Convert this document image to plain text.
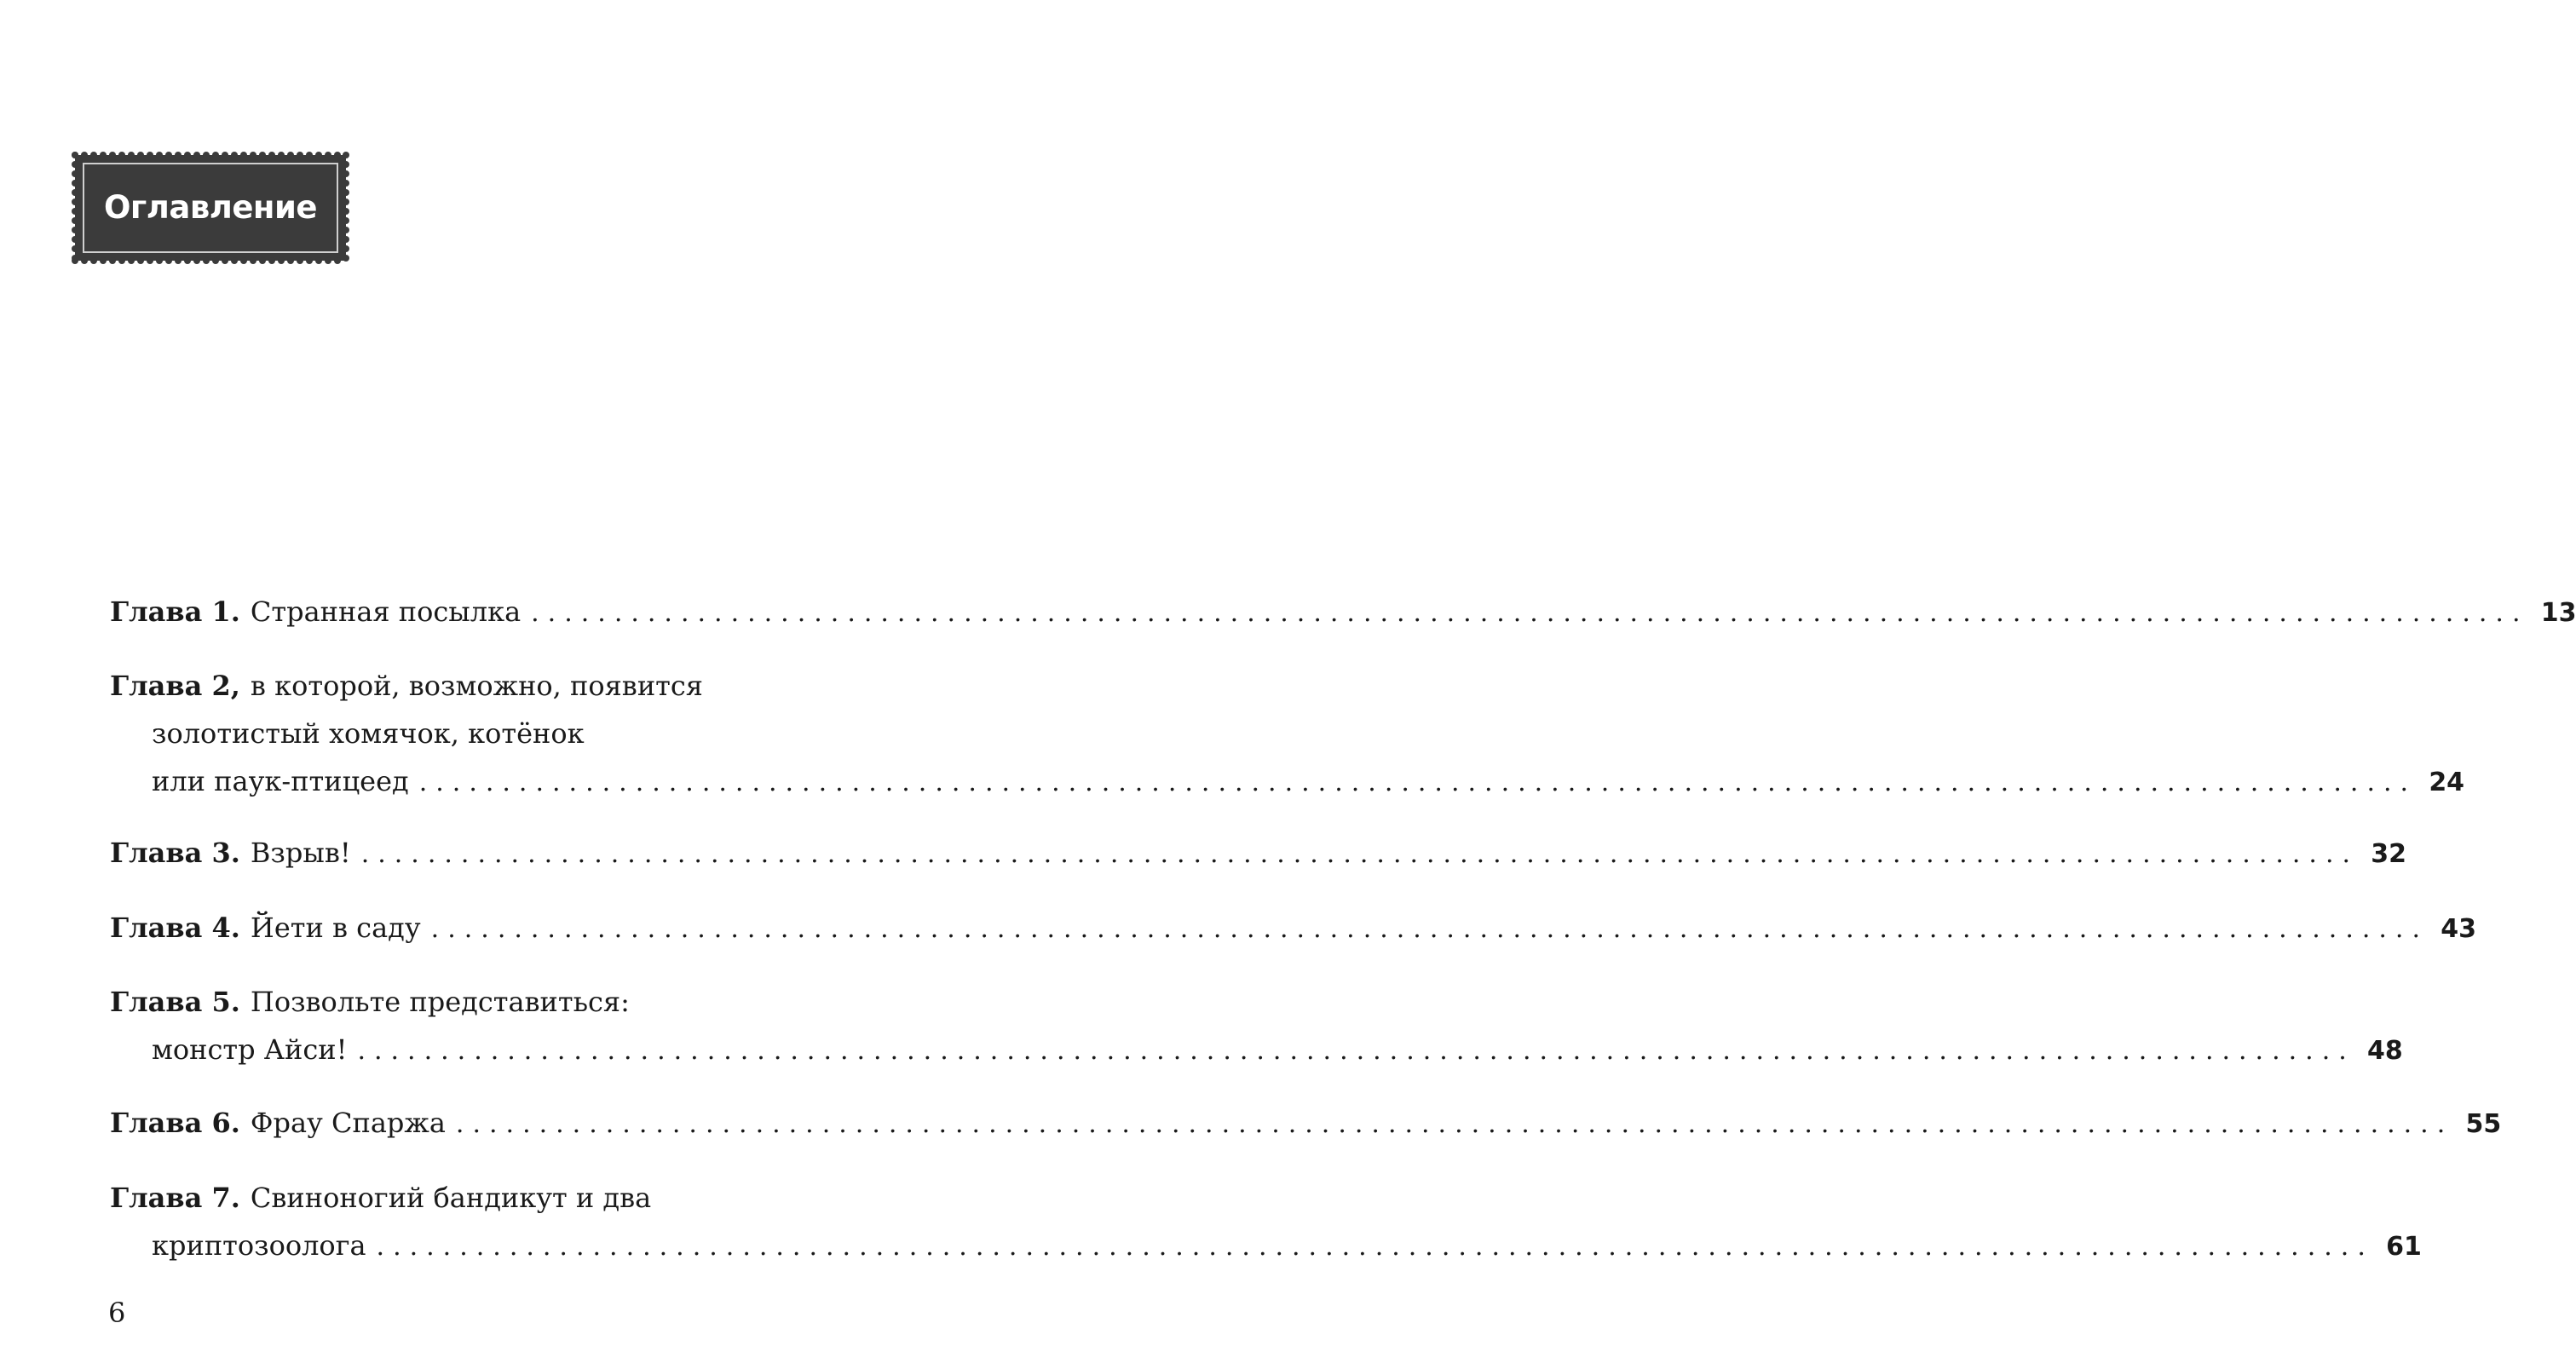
Оглавление
Глава 1. Странная посылка ........................................................................................................................ 13
Глава 2, в которой, возможно, появится
золотистый хомячок, котёнок
или паук-птицеед ........................................................................................................................ 24
Глава 3. Взрыв! ........................................................................................................................ 32
Глава 4. Йети в саду ........................................................................................................................ 43
Глава 5. Позвольте представиться:
монстр Айси! ........................................................................................................................ 48
Глава 6. Фрау Спаржа ........................................................................................................................ 55
Глава 7. Свиноногий бандикут и два
криптозоолога ........................................................................................................................ 61
6
